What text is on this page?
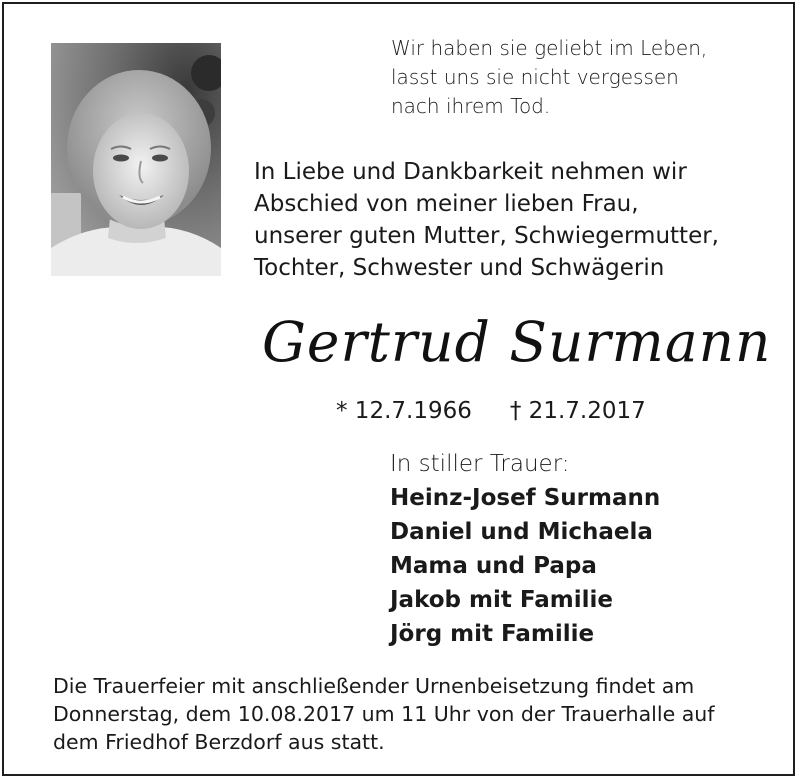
Wir haben sie geliebt im Leben,
lasst uns sie nicht vergessen
nach ihrem Tod.
In Liebe und Dankbarkeit nehmen wir
Abschied von meiner lieben Frau,
unserer guten Mutter, Schwiegermutter,
Tochter, Schwester und Schwägerin
Gertrud Surmann
* 12.7.1966 † 21.7.2017
In stiller Trauer:
Heinz-Josef Surmann
Daniel und Michaela
Mama und Papa
Jakob mit Familie
Jörg mit Familie
Die Trauerfeier mit anschließender Urnenbeisetzung findet am
Donnerstag, dem 10.08.2017 um 11 Uhr von der Trauerhalle auf
dem Friedhof Berzdorf aus statt.
